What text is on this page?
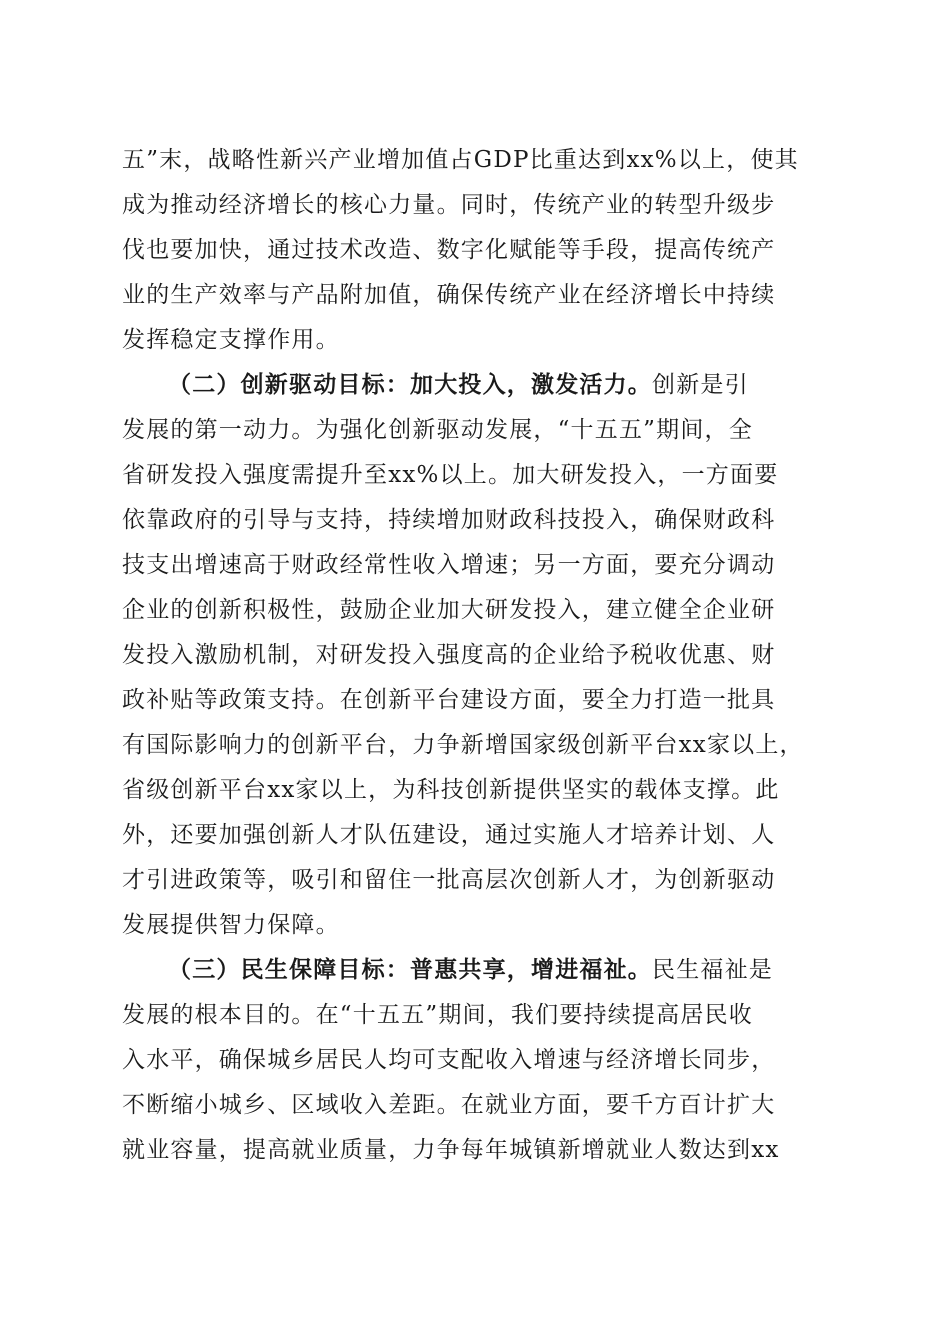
五”末，战略性新兴产业增加值占GDP比重达到xx%以上，使其
成为推动经济增长的核心力量。同时，传统产业的转型升级步
伐也要加快，通过技术改造、数字化赋能等手段，提高传统产
业的生产效率与产品附加值，确保传统产业在经济增长中持续
发挥稳定支撑作用。
（二）创新驱动目标：加大投入，激发活力。创新是引
发展的第一动力。为强化创新驱动发展，“十五五”期间，全
省研发投入强度需提升至xx%以上。加大研发投入，一方面要
依靠政府的引导与支持，持续增加财政科技投入，确保财政科
技支出增速高于财政经常性收入增速；另一方面，要充分调动
企业的创新积极性，鼓励企业加大研发投入，建立健全企业研
发投入激励机制，对研发投入强度高的企业给予税收优惠、财
政补贴等政策支持。在创新平台建设方面，要全力打造一批具
有国际影响力的创新平台，力争新增国家级创新平台xx家以上，
省级创新平台xx家以上，为科技创新提供坚实的载体支撑。此
外，还要加强创新人才队伍建设，通过实施人才培养计划、人
才引进政策等，吸引和留住一批高层次创新人才，为创新驱动
发展提供智力保障。
（三）民生保障目标：普惠共享，增进福祉。民生福祉是
发展的根本目的。在“十五五”期间，我们要持续提高居民收
入水平，确保城乡居民人均可支配收入增速与经济增长同步，
不断缩小城乡、区域收入差距。在就业方面，要千方百计扩大
就业容量，提高就业质量，力争每年城镇新增就业人数达到xx
